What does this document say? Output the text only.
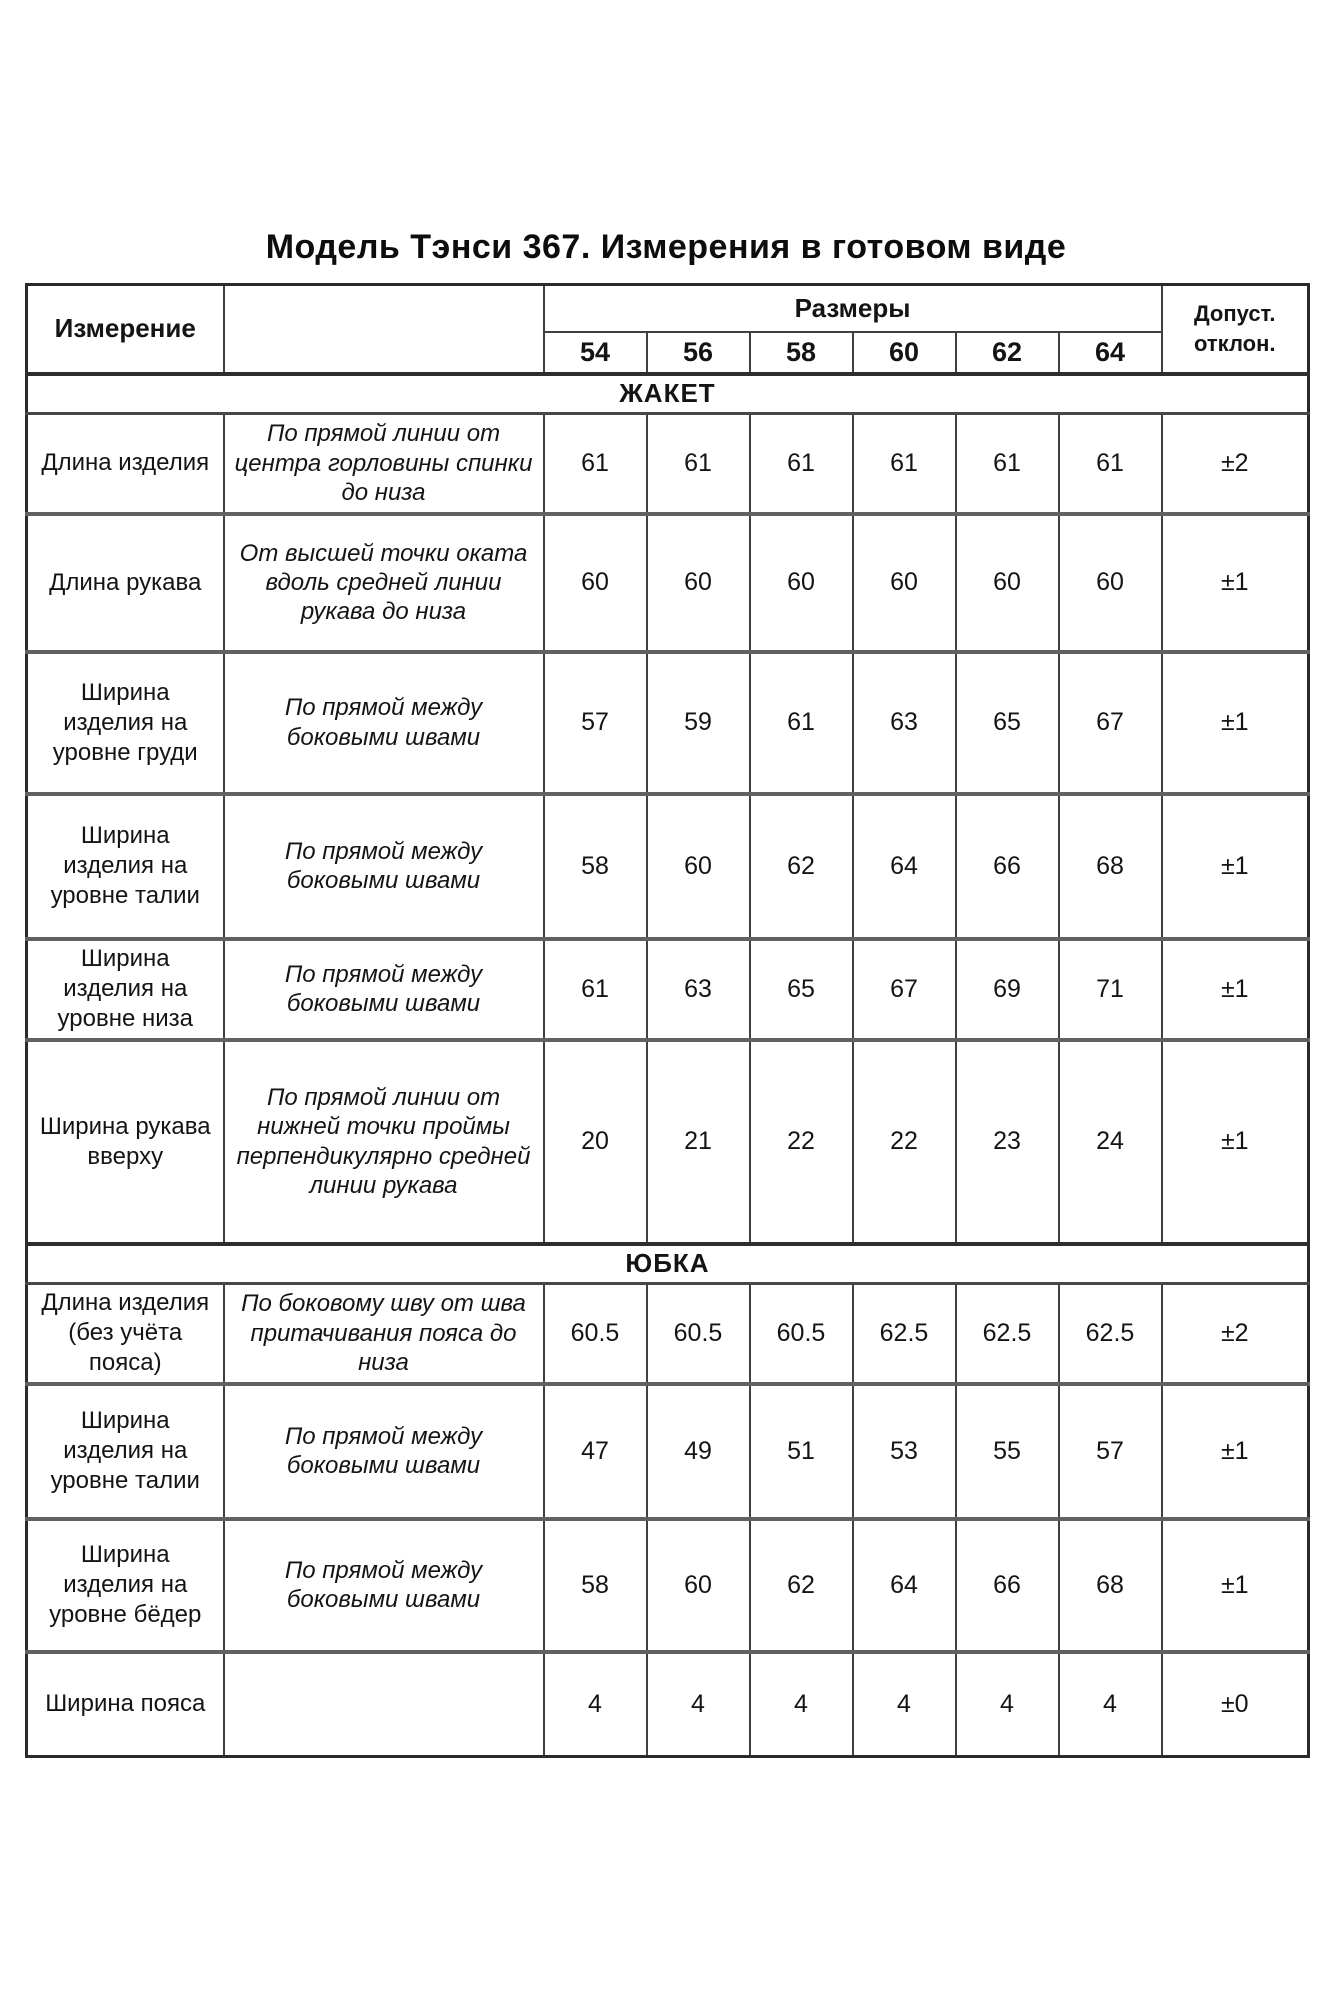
Модель Тэнси 367. Измерения в готовом виде
Измерение		Размеры						Допуст.
отклон.

		54	56	58	60	62	64	
ЖАКЕТ								
Длина изделия	По прямой линии от центра горловины спинки до низа	61	61	61	61	61	61	±2
Длина рукава	От высшей точки оката вдоль средней линии рукава до низа	60	60	60	60	60	60	±1
Ширина изделия на уровне груди	По прямой между боковыми швами	57	59	61	63	65	67	±1
Ширина изделия на уровне талии	По прямой между боковыми швами	58	60	62	64	66	68	±1
Ширина изделия на уровне низа	По прямой между боковыми швами	61	63	65	67	69	71	±1
Ширина рукава вверху	По прямой линии от нижней точки проймы перпендикулярно средней линии рукава	20	21	22	22	23	24	±1
ЮБКА								
Длина изделия (без учёта пояса)	По боковому шву от шва притачивания пояса до низа	60.5	60.5	60.5	62.5	62.5	62.5	±2
Ширина изделия на уровне талии	По прямой между боковыми швами	47	49	51	53	55	57	±1
Ширина изделия на уровне бёдер	По прямой между боковыми швами	58	60	62	64	66	68	±1
Ширина пояса		4	4	4	4	4	4	±0
